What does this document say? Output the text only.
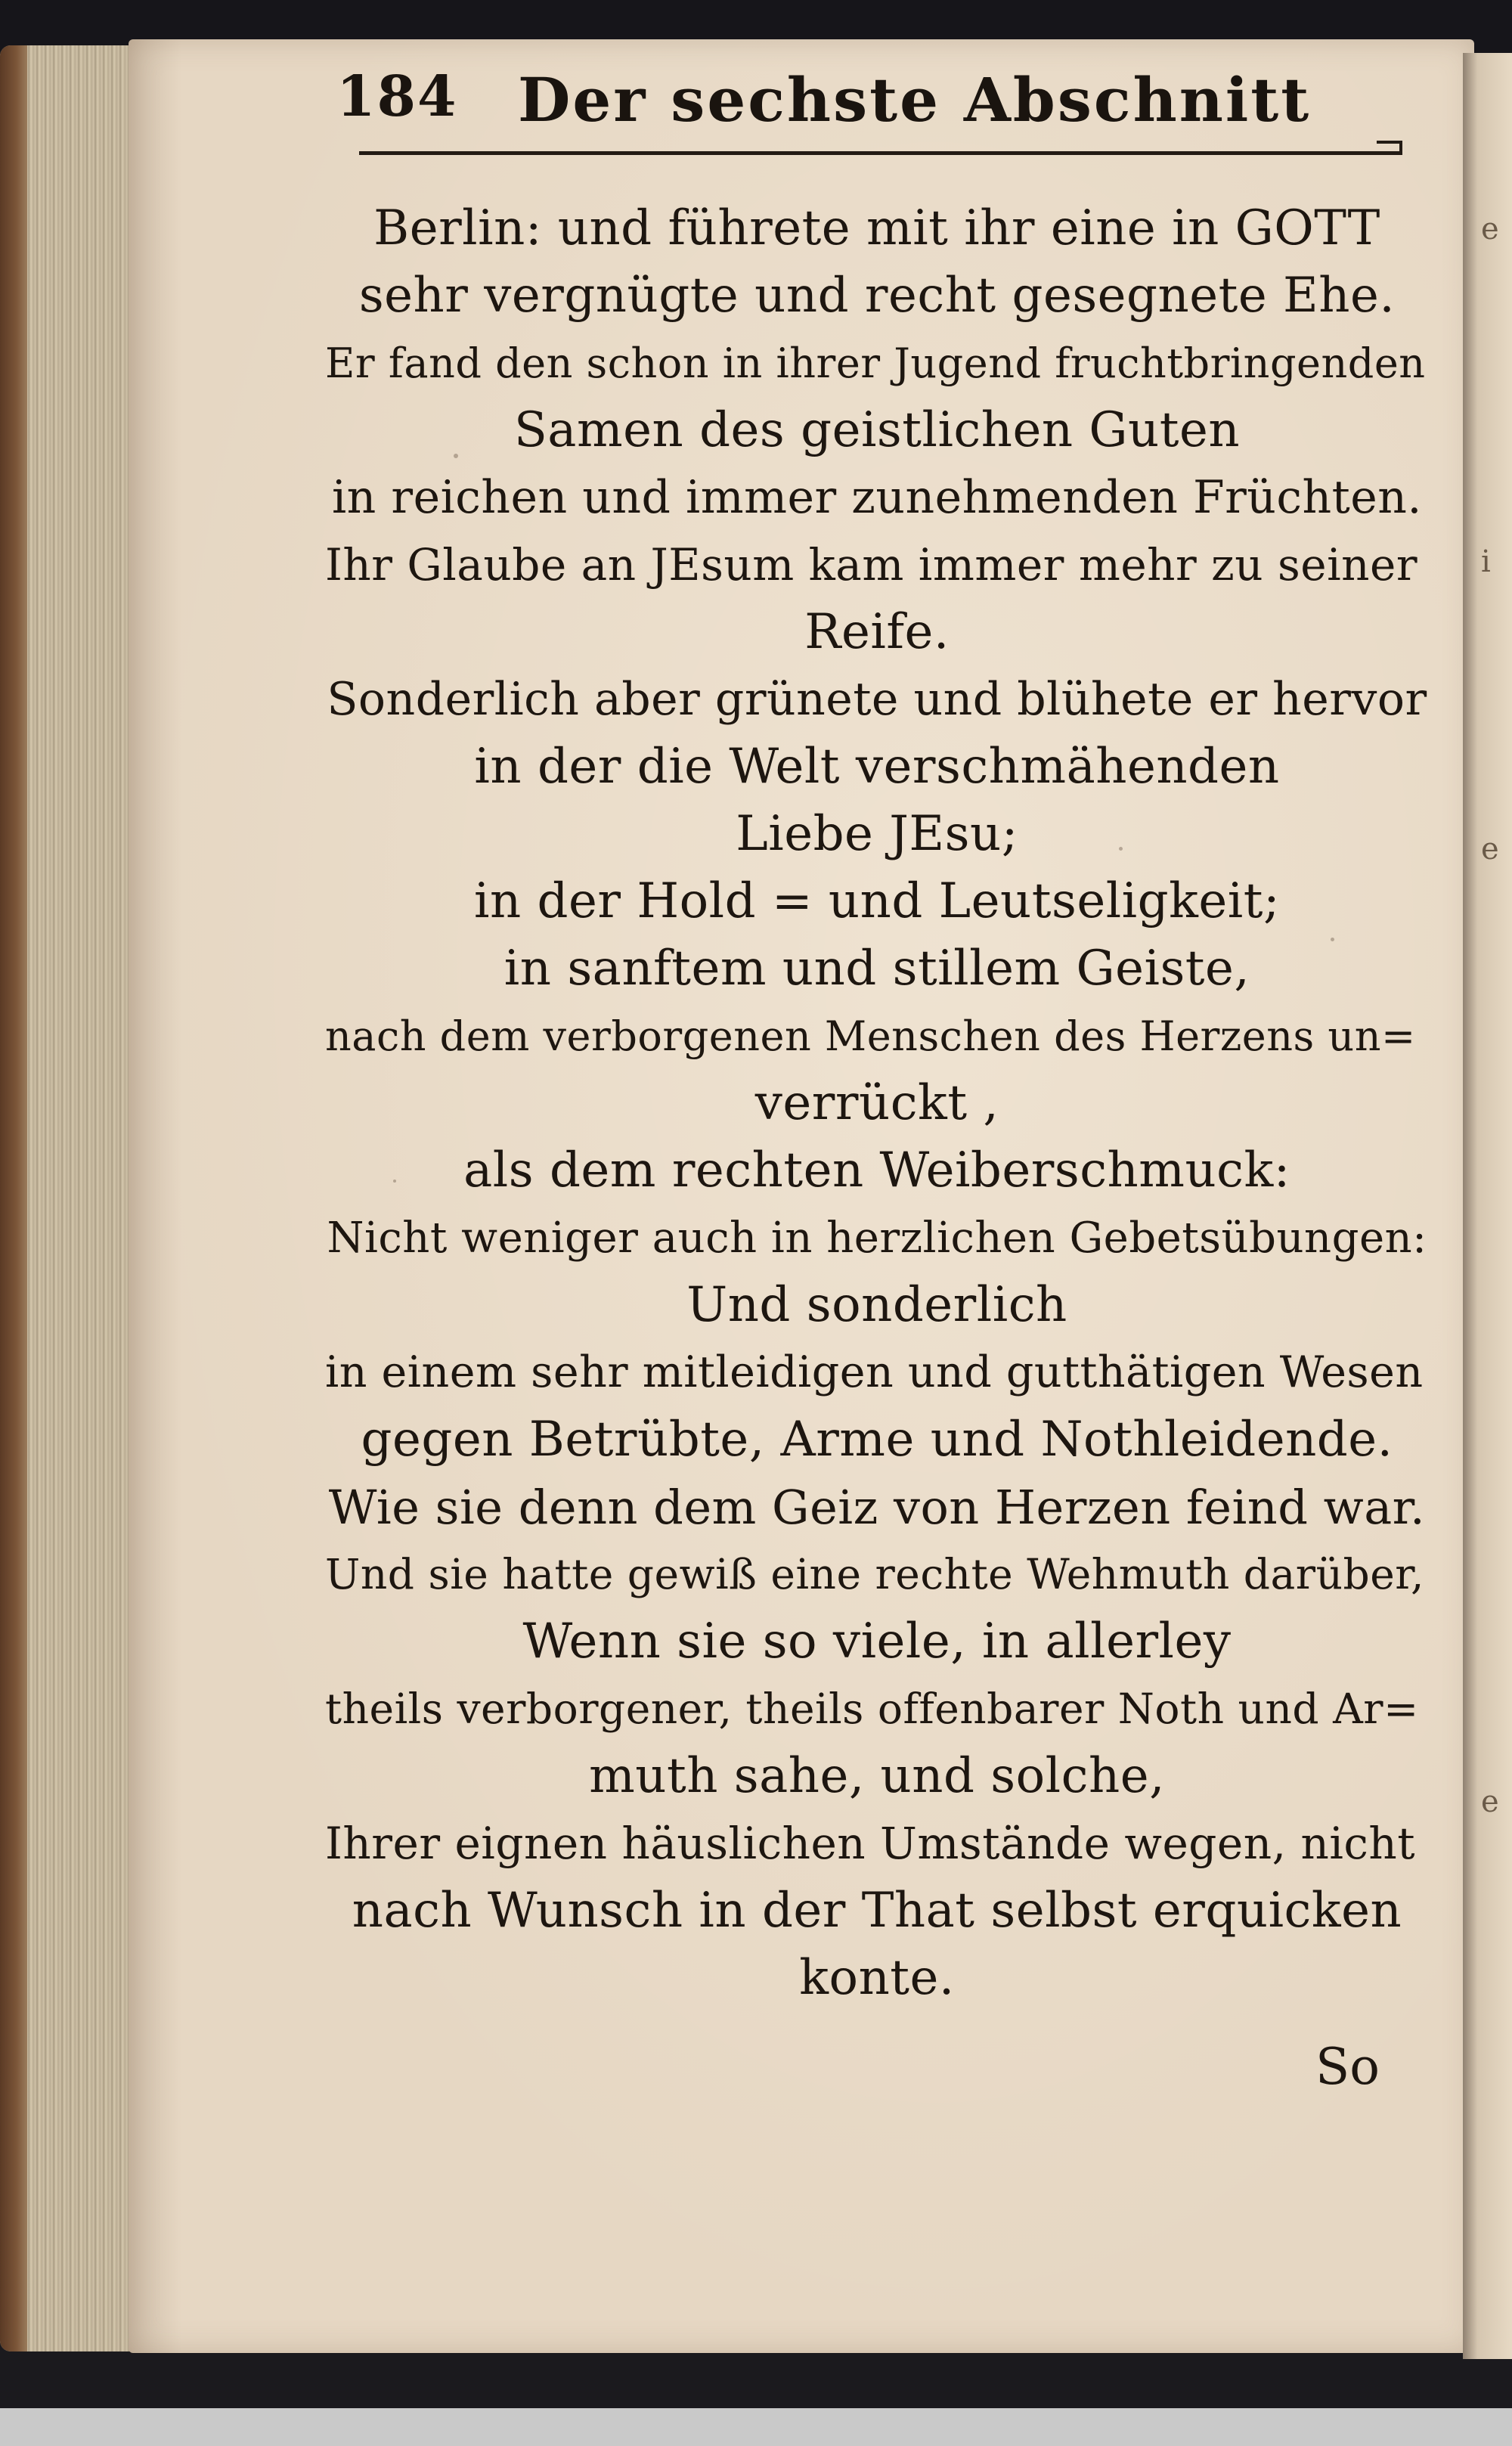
e
i
e
e
184 Der sechste Abschnitt
Berlin: und führete mit ihr eine in GOTT
sehr vergnügte und recht gesegnete Ehe.
Er fand den schon in ihrer Jugend fruchtbringenden
Samen des geistlichen Guten
in reichen und immer zunehmenden Früchten.
Ihr Glaube an JEsum kam immer mehr zu seiner
Reife.
Sonderlich aber grünete und blühete er hervor
in der die Welt verschmähenden
Liebe JEsu;
in der Hold = und Leutseligkeit;
in sanftem und stillem Geiste,
nach dem verborgenen Menschen des Herzens un=
verrückt ,
als dem rechten Weiberschmuck:
Nicht weniger auch in herzlichen Gebetsübungen:
Und sonderlich
in einem sehr mitleidigen und gutthätigen Wesen
gegen Betrübte, Arme und Nothleidende.
Wie sie denn dem Geiz von Herzen feind war.
Und sie hatte gewiß eine rechte Wehmuth darüber,
Wenn sie so viele, in allerley
theils verborgener, theils offenbarer Noth und Ar=
muth sahe, und solche,
Ihrer eignen häuslichen Umstände wegen, nicht
nach Wunsch in der That selbst erquicken
konte.
So
